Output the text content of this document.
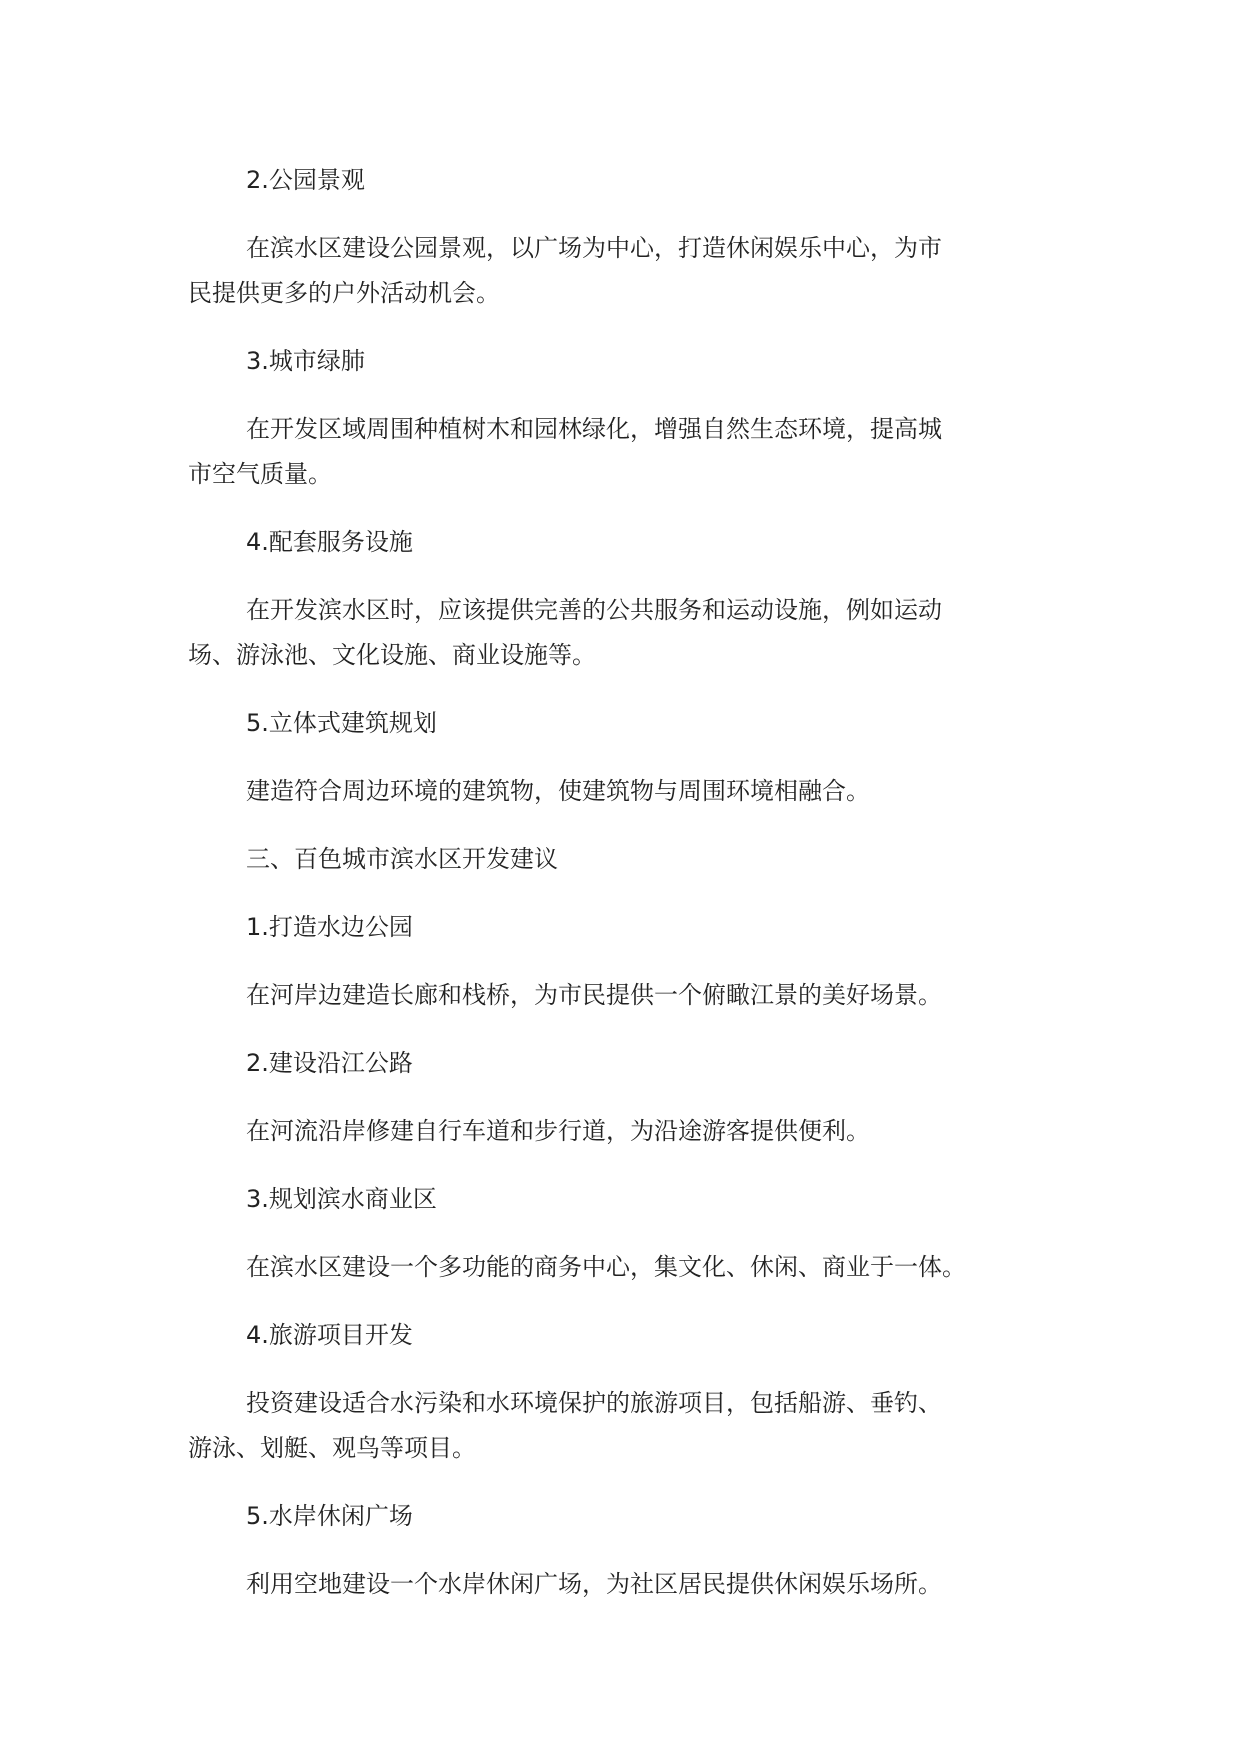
2.公园景观

在滨水区建设公园景观，以广场为中心，打造休闲娱乐中心，为市
民提供更多的户外活动机会。

3.城市绿肺

在开发区域周围种植树木和园林绿化，增强自然生态环境，提高城
市空气质量。

4.配套服务设施

在开发滨水区时，应该提供完善的公共服务和运动设施，例如运动
场、游泳池、文化设施、商业设施等。

5.立体式建筑规划

建造符合周边环境的建筑物，使建筑物与周围环境相融合。

三、百色城市滨水区开发建议

1.打造水边公园

在河岸边建造长廊和栈桥，为市民提供一个俯瞰江景的美好场景。

2.建设沿江公路

在河流沿岸修建自行车道和步行道，为沿途游客提供便利。

3.规划滨水商业区

在滨水区建设一个多功能的商务中心，集文化、休闲、商业于一体。

4.旅游项目开发

投资建设适合水污染和水环境保护的旅游项目，包括船游、垂钓、
游泳、划艇、观鸟等项目。

5.水岸休闲广场

利用空地建设一个水岸休闲广场，为社区居民提供休闲娱乐场所。
